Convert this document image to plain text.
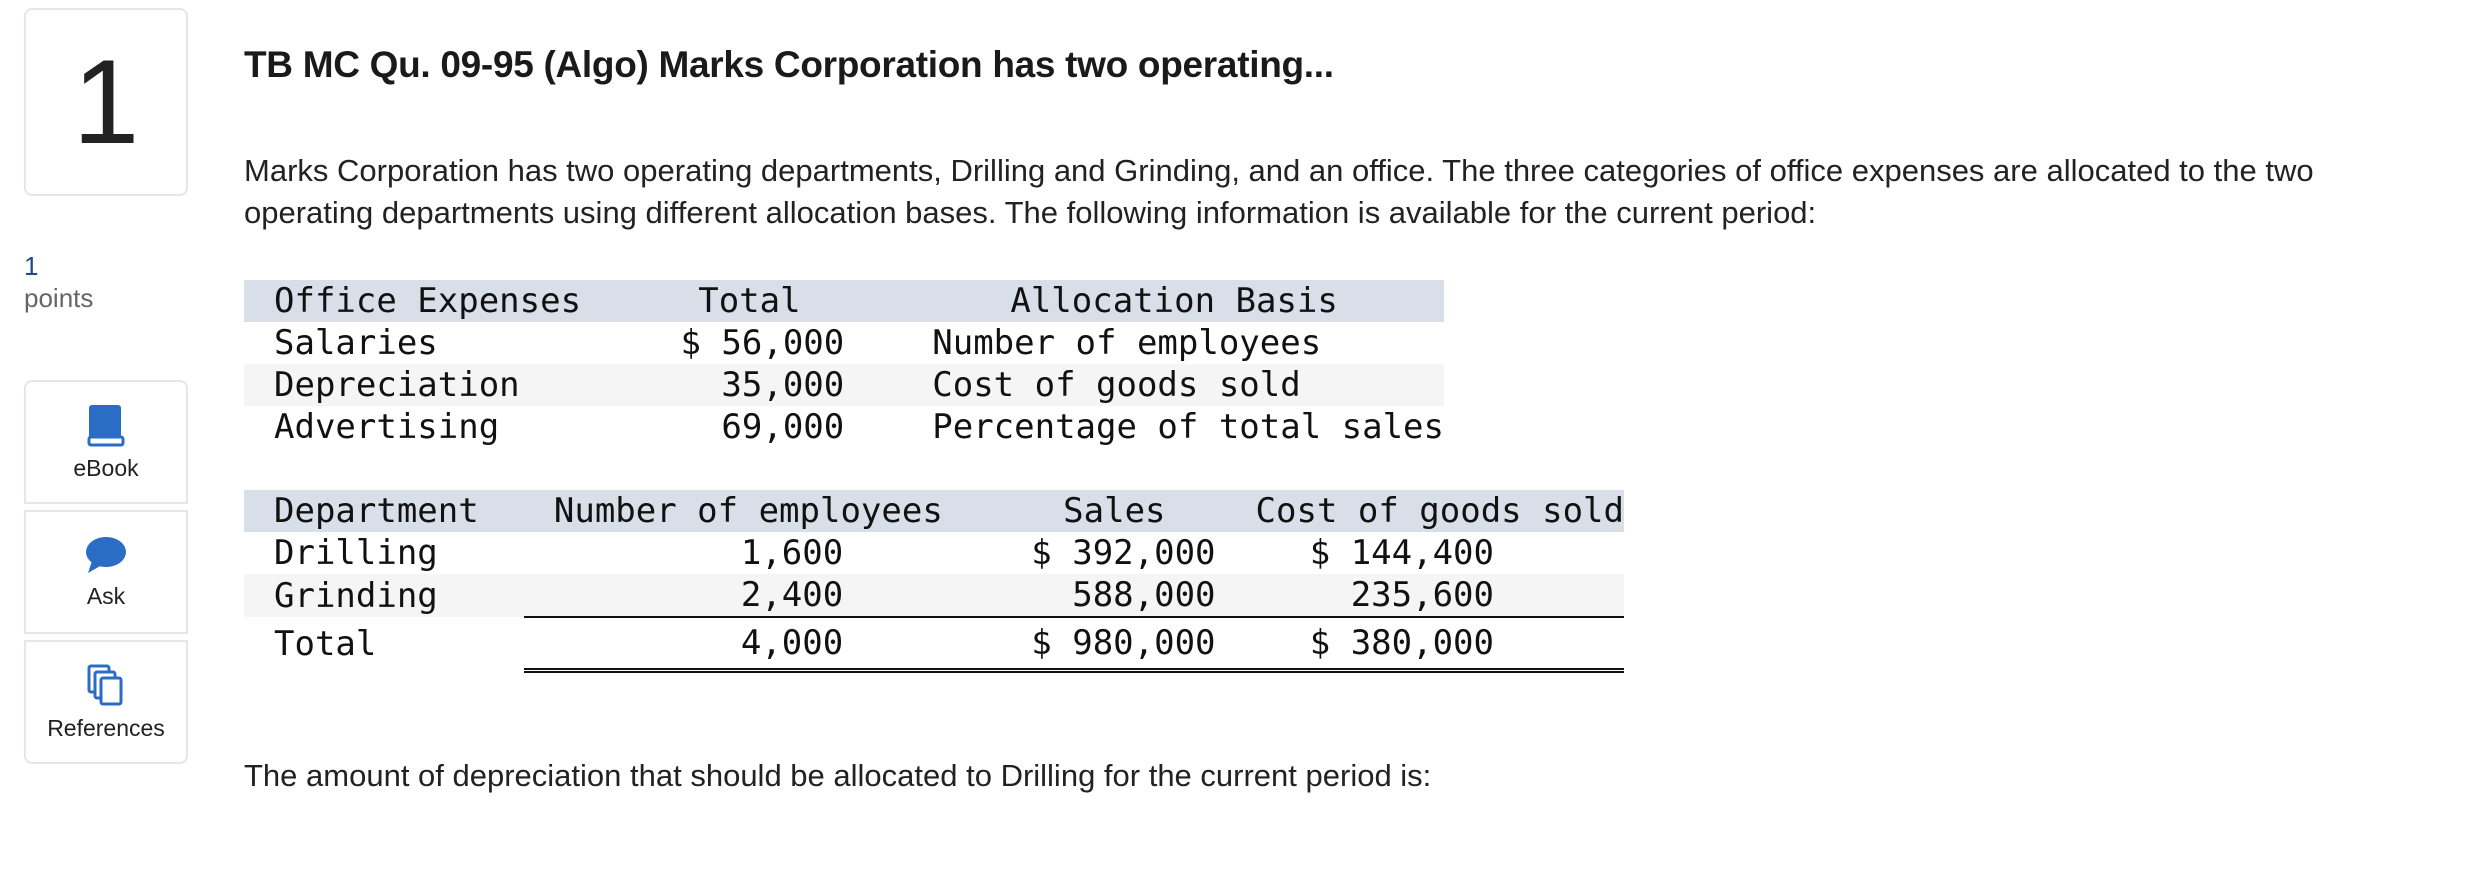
1
1
points
eBook
Ask
References
TB MC Qu. 09-95 (Algo) Marks Corporation has two operating...

Marks Corporation has two operating departments, Drilling and Grinding, and an office. The three categories of office expenses are allocated to the two operating departments using different allocation bases. The following information is available for the current period:

Office Expenses	Total	Allocation Basis
Salaries	$ 56,000	Number of employees
Depreciation	35,000	Cost of goods sold
Advertising	69,000	Percentage of total sales
Department	Number of employees	Sales	Cost of goods sold
Drilling	1,600	$ 392,000	$ 144,400
Grinding	2,400	588,000	235,600
Total	4,000	$ 980,000	$ 380,000

The amount of depreciation that should be allocated to Drilling for the current period is:
